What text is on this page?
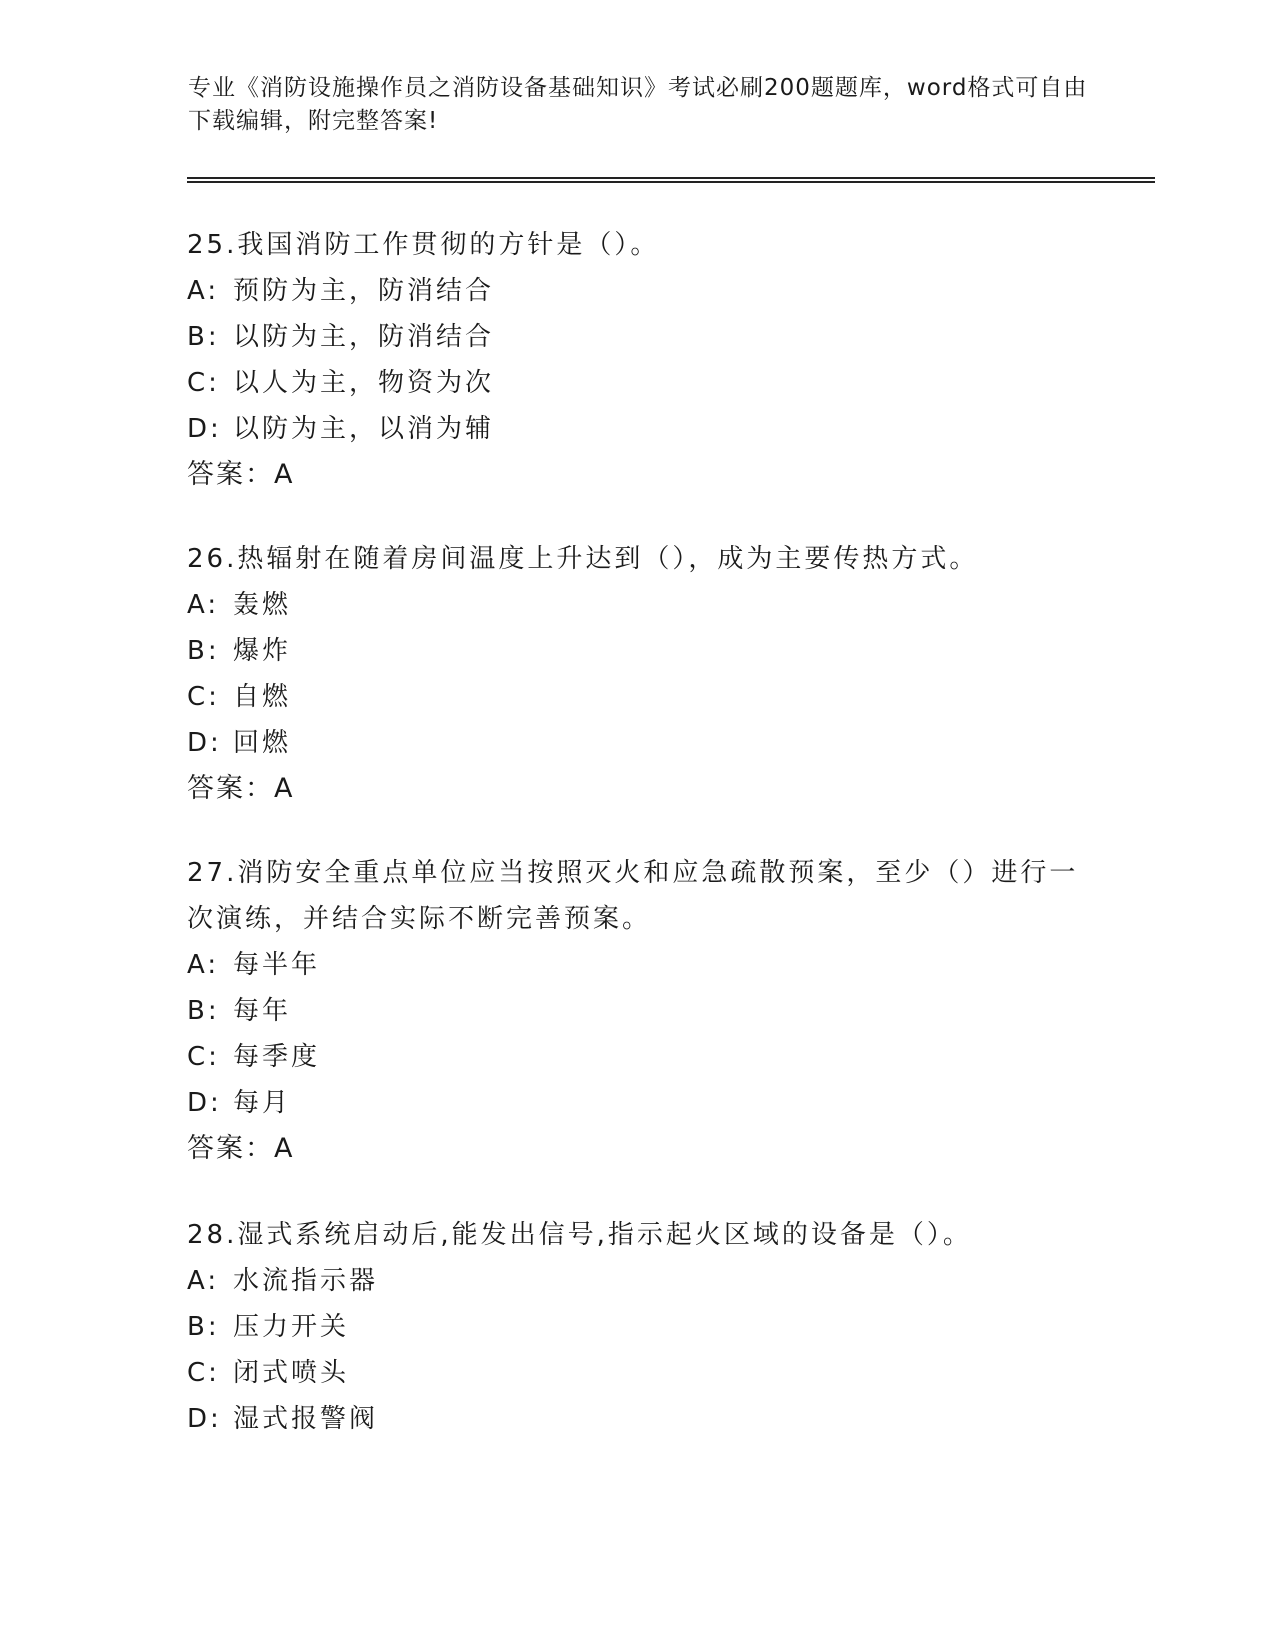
专业《消防设施操作员之消防设备基础知识》考试必刷200题题库，word格式可自由下载编辑，附完整答案!

25.我国消防工作贯彻的方针是（）。

A: 预防为主，防消结合

B: 以防为主，防消结合

C: 以人为主，物资为次

D: 以防为主，以消为辅

答案：A

26.热辐射在随着房间温度上升达到（），成为主要传热方式。

A: 轰燃

B: 爆炸

C: 自燃

D: 回燃

答案：A

27.消防安全重点单位应当按照灭火和应急疏散预案，至少（）进行一次演练，并结合实际不断完善预案。

A: 每半年

B: 每年

C: 每季度

D: 每月

答案：A

28.湿式系统启动后,能发出信号,指示起火区域的设备是（）。

A: 水流指示器

B: 压力开关

C: 闭式喷头

D: 湿式报警阀
